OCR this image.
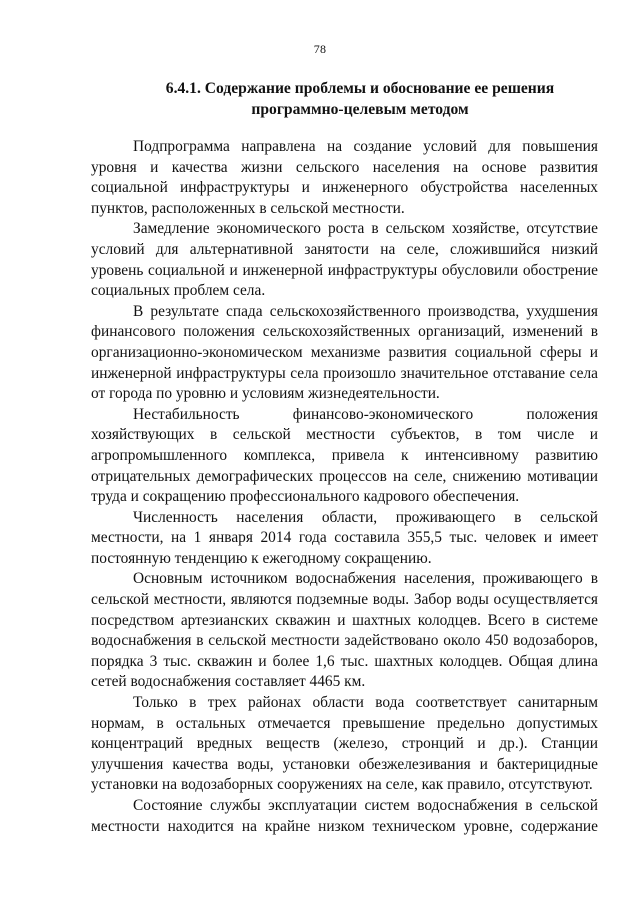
78
6.4.1. Содержание проблемы и обоснование ее решения программно-целевым методом

Подпрограмма направлена на создание условий для повышения уровня и качества жизни сельского населения на основе развития социальной инфраструктуры и инженерного обустройства населенных пунктов, расположенных в сельской местности.

Замедление экономического роста в сельском хозяйстве, отсутствие условий для альтернативной занятости на селе, сложившийся низкий уровень социальной и инженерной инфраструктуры обусловили обострение социальных проблем села.

В результате спада сельскохозяйственного производства, ухудшения финансового положения сельскохозяйственных организаций, изменений в организационно-экономическом механизме развития социальной сферы и инженерной инфраструктуры села произошло значительное отставание села от города по уровню и условиям жизнедеятельности.

Нестабильность финансово-экономического положения хозяйствующих в сельской местности субъектов, в том числе и агропромышленного комплекса, привела к интенсивному развитию отрицательных демографических процессов на селе, снижению мотивации труда и сокращению профессионального кадрового обеспечения.

Численность населения области, проживающего в сельской местности, на 1 января 2014 года составила 355,5 тыс. человек и имеет постоянную тенденцию к ежегодному сокращению.

Основным источником водоснабжения населения, проживающего в сельской местности, являются подземные воды. Забор воды осуществляется посредством артезианских скважин и шахтных колодцев. Всего в системе водоснабжения в сельской местности задействовано около 450 водозаборов, порядка 3 тыс. скважин и более 1,6 тыс. шахтных колодцев. Общая длина сетей водоснабжения составляет 4465 км.

Только в трех районах области вода соответствует санитарным нормам, в остальных отмечается превышение предельно допустимых концентраций вредных веществ (железо, стронций и др.). Станции улучшения качества воды, установки обезжелезивания и бактерицидные установки на водозаборных сооружениях на селе, как правило, отсутствуют.

Состояние службы эксплуатации систем водоснабжения в сельской местности находится на крайне низком техническом уровне, содержание
